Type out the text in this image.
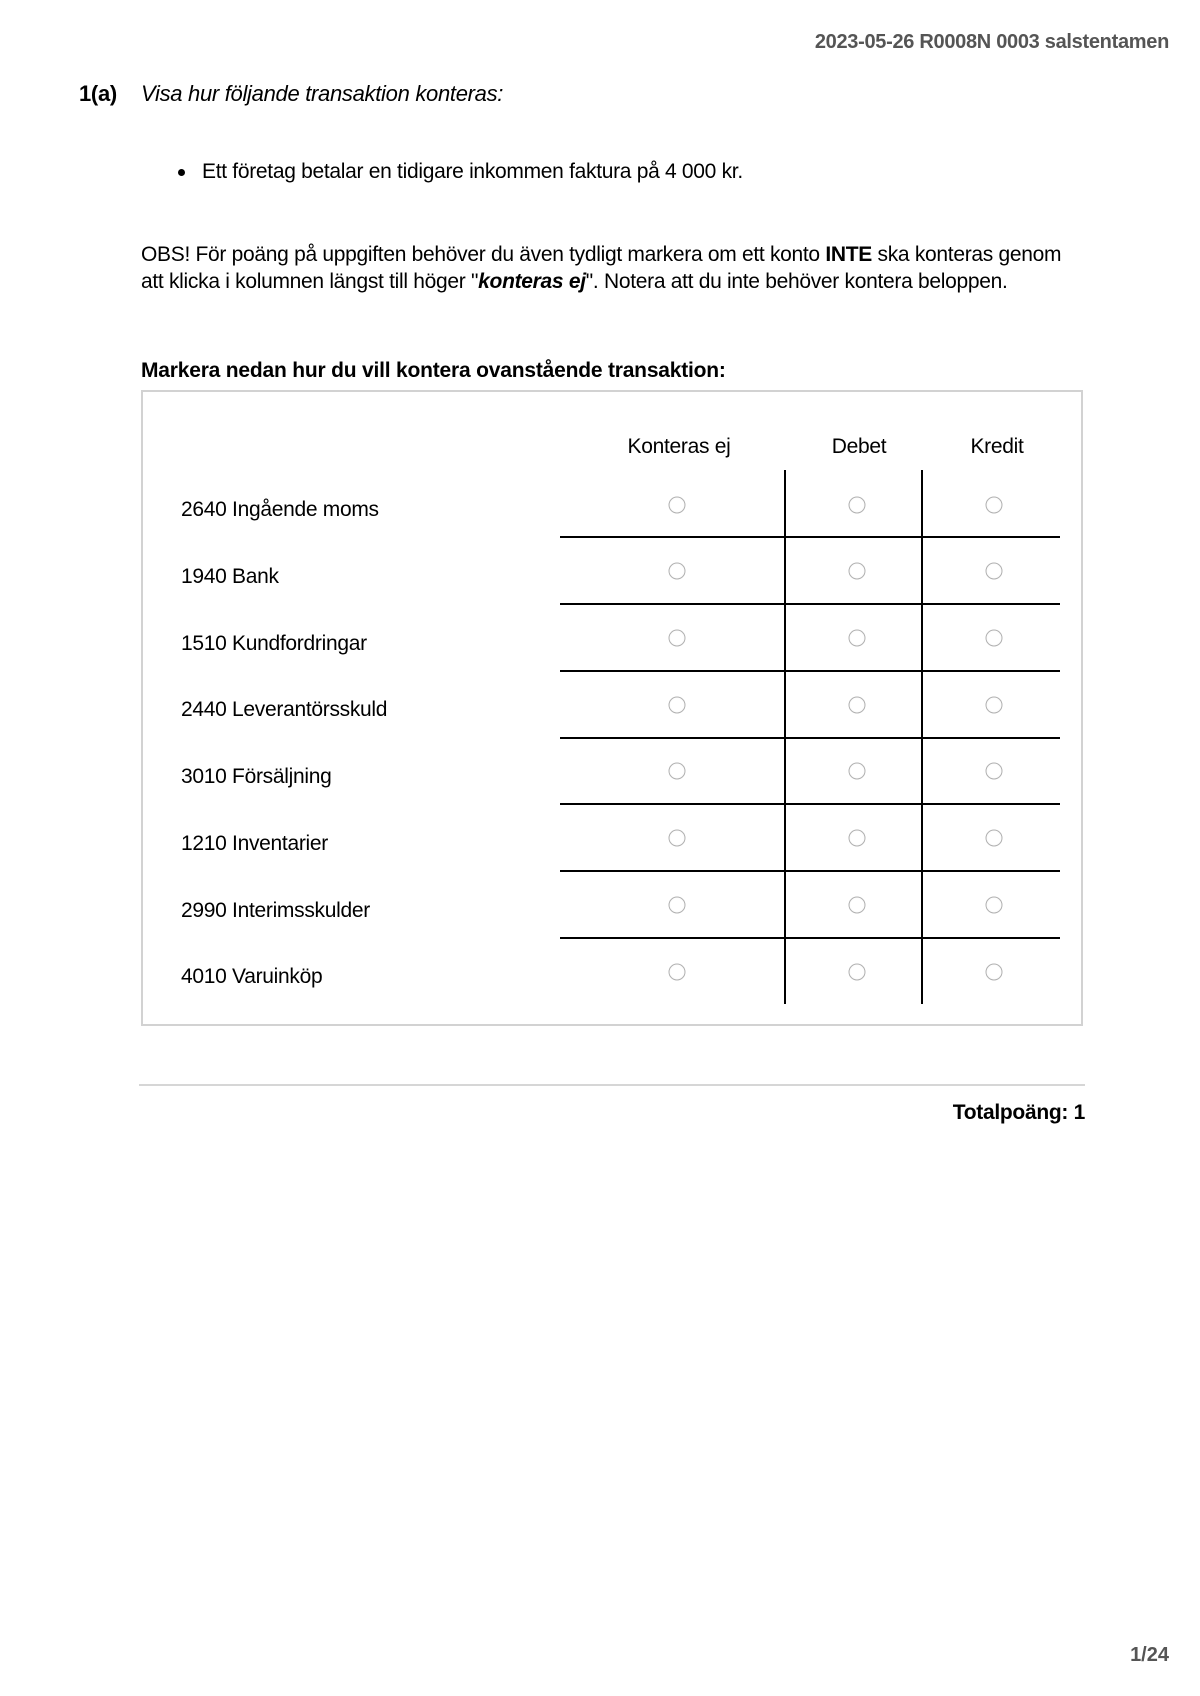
2023-05-26 R0008N 0003 salstentamen
1(a) Visa hur följande transaktion konteras:
Ett företag betalar en tidigare inkommen faktura på 4 000 kr.
OBS! För poäng på uppgiften behöver du även tydligt markera om ett konto INTE ska konteras genom att klicka i kolumnen längst till höger "konteras ej". Notera att du inte behöver kontera beloppen.
Markera nedan hur du vill kontera ovanstående transaktion:
Konteras ej	Debet	Kredit
2640 Ingående moms
1940 Bank
1510 Kundfordringar
2440 Leverantörsskuld
3010 Försäljning
1210 Inventarier
2990 Interimsskulder
4010 Varuinköp
Totalpoäng: 1
1/24
